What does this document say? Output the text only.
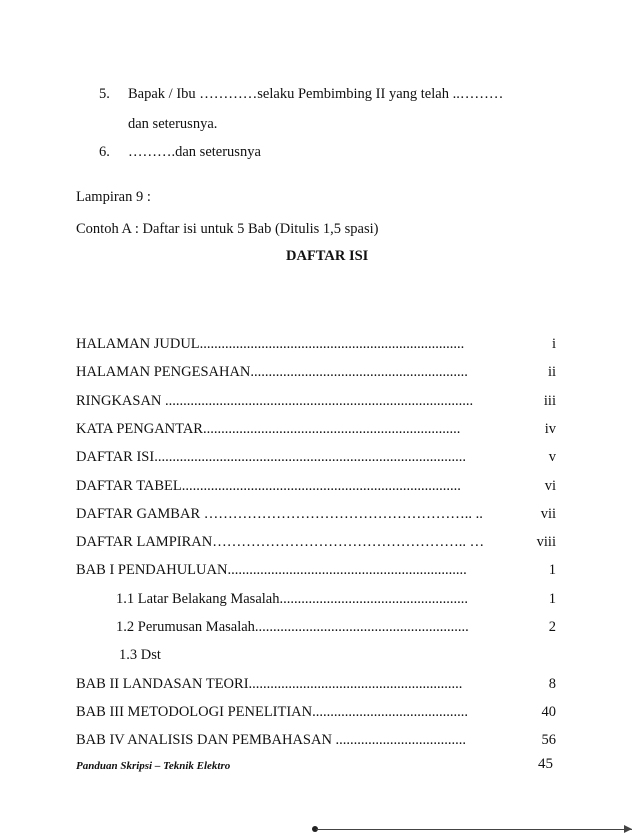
5. Bapak / Ibu …………selaku Pembimbing II yang telah ..………
dan seterusnya.
6. ……….dan seterusnya
Lampiran 9 :
Contoh A : Daftar isi untuk 5 Bab (Ditulis 1,5 spasi)
DAFTAR ISI
HALAMAN JUDUL.........................................................................	i
HALAMAN PENGESAHAN............................................................	ii
RINGKASAN .....................................................................................	iii
KATA PENGANTAR.......................................................................	iv
DAFTAR ISI......................................................................................	v
DAFTAR TABEL.............................................................................	vi
DAFTAR GAMBAR ……………………………………………….. ..	vii
DAFTAR LAMPIRAN…………………………………………….. …	viii
BAB I PENDAHULUAN..................................................................	1
1.1 Latar Belakang Masalah....................................................	1
1.2 Perumusan Masalah...........................................................	2
1.3 Dst
BAB II LANDASAN TEORI...........................................................	8
BAB III METODOLOGI PENELITIAN...........................................	40
BAB IV ANALISIS DAN PEMBAHASAN ....................................	56
Panduan Skripsi – Teknik Elektro	45
